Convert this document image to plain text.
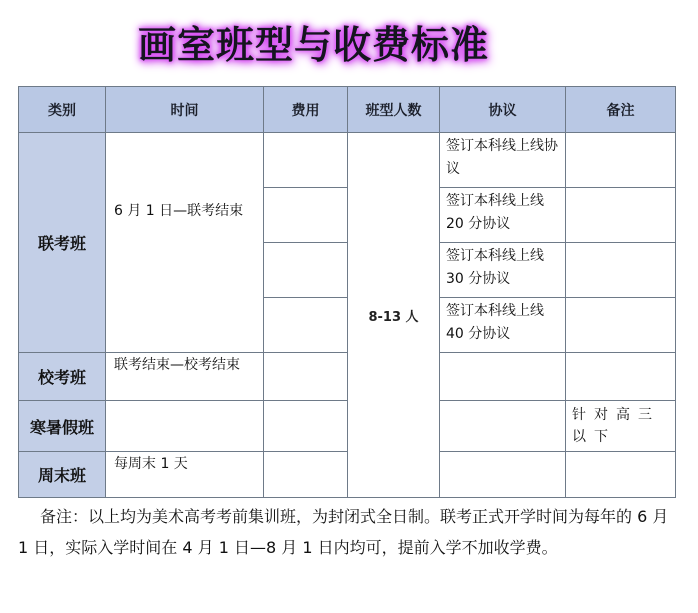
画室班型与收费标准
类别	时间	费用	班型人数	协议	备注
联考班	6 月 1 日—联考结束		8-13 人	签订本科线上线协议	
				签订本科线上线 20 分协议	
				签订本科线上线 30 分协议	
				签订本科线上线 40 分协议	
校考班	联考结束—校考结束				
寒暑假班					针对高三以下
周末班	每周末 1 天				
备注：以上均为美术高考考前集训班，为封闭式全日制。联考正式开学时间为每年的 6 月 1 日，实际入学时间在 4 月 1 日—8 月 1 日内均可，提前入学不加收学费。
